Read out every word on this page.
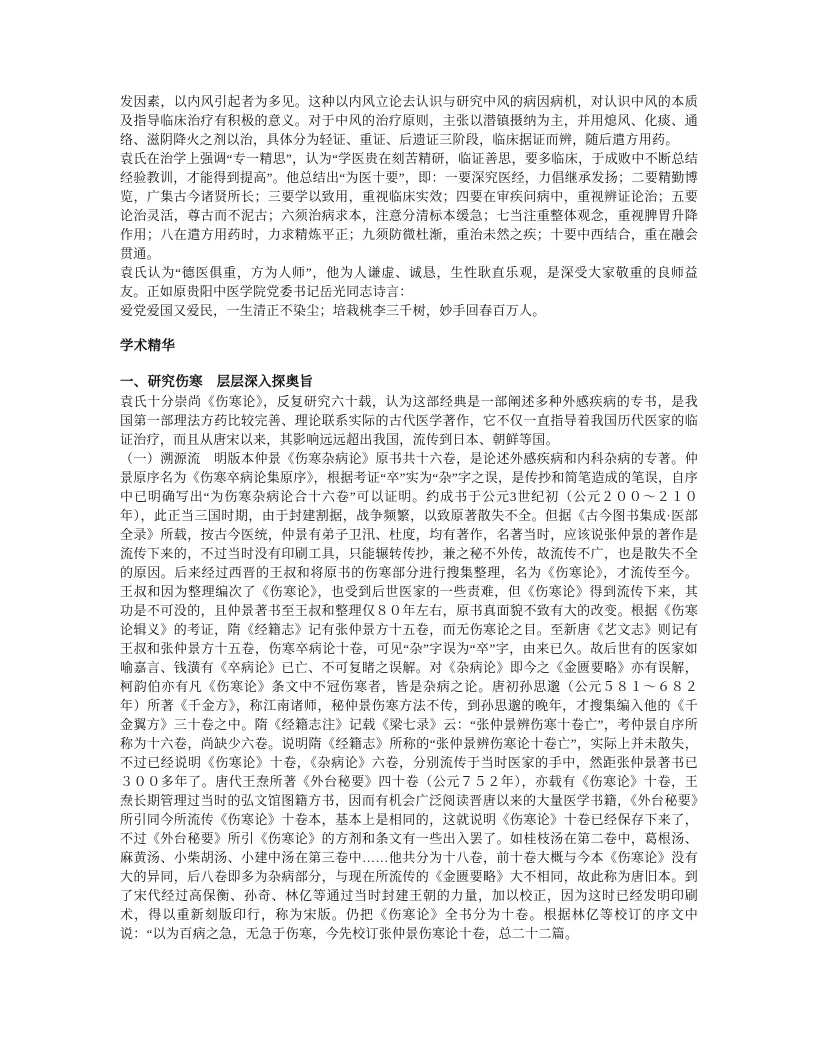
发因素，以内风引起者为多见。这种以内风立论去认识与研究中风的病因病机，对认识中风的本质及指导临床治疗有积极的意义。对于中风的治疗原则，主张以潜镇摄纳为主，并用熄风、化痰、通络、滋阴降火之剂以治，具体分为轻证、重证、后遗证三阶段，临床据证而辨，随后遣方用药。

袁氏在治学上强调“专一精思”，认为“学医贵在刻苦精研，临证善思，要多临床，于成败中不断总结经验教训，才能得到提高”。他总结出“为医十要”，即：一要深究医经，力倡继承发扬；二要精勤博览，广集古今诸贤所长；三要学以致用，重视临床实效；四要在审疾问病中，重视辨证论治；五要论治灵活，尊古而不泥古；六须治病求本，注意分清标本缓急；七当注重整体观念，重视脾胃升降作用；八在遣方用药时，力求精炼平正；九须防微杜渐，重治未然之疾；十要中西结合，重在融会贯通。

袁氏认为“德医俱重，方为人师”，他为人谦虚、诚恳，生性耿直乐观，是深受大家敬重的良师益友。正如原贵阳中医学院党委书记岳光同志诗言：

爱党爱国又爱民，一生清正不染尘；培栽桃李三千树，妙手回春百万人。

学术精华
一、研究伤寒　层层深入探奥旨

袁氏十分崇尚《伤寒论》，反复研究六十载，认为这部经典是一部阐述多种外感疾病的专书，是我国第一部理法方药比较完善、理论联系实际的古代医学著作，它不仅一直指导着我国历代医家的临证治疗，而且从唐宋以来，其影响远远超出我国，流传到日本、朝鲜等国。

（一）溯源流　明版本仲景《伤寒杂病论》原书共十六卷，是论述外感疾病和内科杂病的专著。仲景原序名为《伤寒卒病论集原序》，根据考证“卒”实为“杂”字之误，是传抄和简笔造成的笔误，自序中已明确写出“为伤寒杂病论合十六卷”可以证明。约成书于公元3世纪初（公元２００～２１０年），此正当三国时期，由于封建割据，战争频繁，以致原著散失不全。但据《古今图书集成·医部全录》所载，按古今医统，仲景有弟子卫汛、杜度，均有著作，名著当时，应该说张仲景的著作是流传下来的，不过当时没有印刷工具，只能辗转传抄，兼之秘不外传，故流传不广，也是散失不全的原因。后来经过西晋的王叔和将原书的伤寒部分进行搜集整理，名为《伤寒论》，才流传至今。王叔和因为整理编次了《伤寒论》，也受到后世医家的一些责难，但《伤寒论》得到流传下来，其功是不可没的，且仲景著书至王叔和整理仅８０年左右，原书真面貌不致有大的改变。根据《伤寒论辑义》的考证，隋《经籍志》记有张仲景方十五卷，而无伤寒论之目。至新唐《艺文志》则记有王叔和张仲景方十五卷，伤寒卒病论十卷，可见“杂”字误为“卒”字，由来已久。故后世有的医家如喻嘉言、钱潢有《卒病论》已亡、不可复睹之误解。对《杂病论》即今之《金匮要略》亦有误解，柯韵伯亦有凡《伤寒论》条文中不冠伤寒者，皆是杂病之论。唐初孙思邈（公元５８１～６８２年）所著《千金方》，称江南诸师，秘仲景伤寒方法不传，到孙思邈的晚年，才搜集编入他的《千金翼方》三十卷之中。隋《经籍志注》记载《梁七录》云：“张仲景辨伤寒十卷亡”，考仲景自序所称为十六卷，尚缺少六卷。说明隋《经籍志》所称的“张仲景辨伤寒论十卷亡”，实际上并未散失，不过已经说明《伤寒论》十卷，《杂病论》六卷，分别流传于当时医家的手中，然距张仲景著书已３００多年了。唐代王焘所著《外台秘要》四十卷（公元７５２年），亦载有《伤寒论》十卷，王焘长期管理过当时的弘文馆图籍方书，因而有机会广泛阅读晋唐以来的大量医学书籍，《外台秘要》所引同今所流传《伤寒论》十卷本，基本上是相同的，这就说明《伤寒论》十卷已经保存下来了，不过《外台秘要》所引《伤寒论》的方剂和条文有一些出入罢了。如桂枝汤在第二卷中，葛根汤、麻黄汤、小柴胡汤、小建中汤在第三卷中……他共分为十八卷，前十卷大概与今本《伤寒论》没有大的异同，后八卷即多为杂病部分，与现在所流传的《金匮要略》大不相同，故此称为唐旧本。到了宋代经过高保衡、孙奇、林亿等通过当时封建王朝的力量，加以校正，因为这时已经发明印刷术，得以重新刻版印行，称为宋版。仍把《伤寒论》全书分为十卷。根据林亿等校订的序文中说：“以为百病之急，无急于伤寒，今先校订张仲景伤寒论十卷，总二十二篇。
